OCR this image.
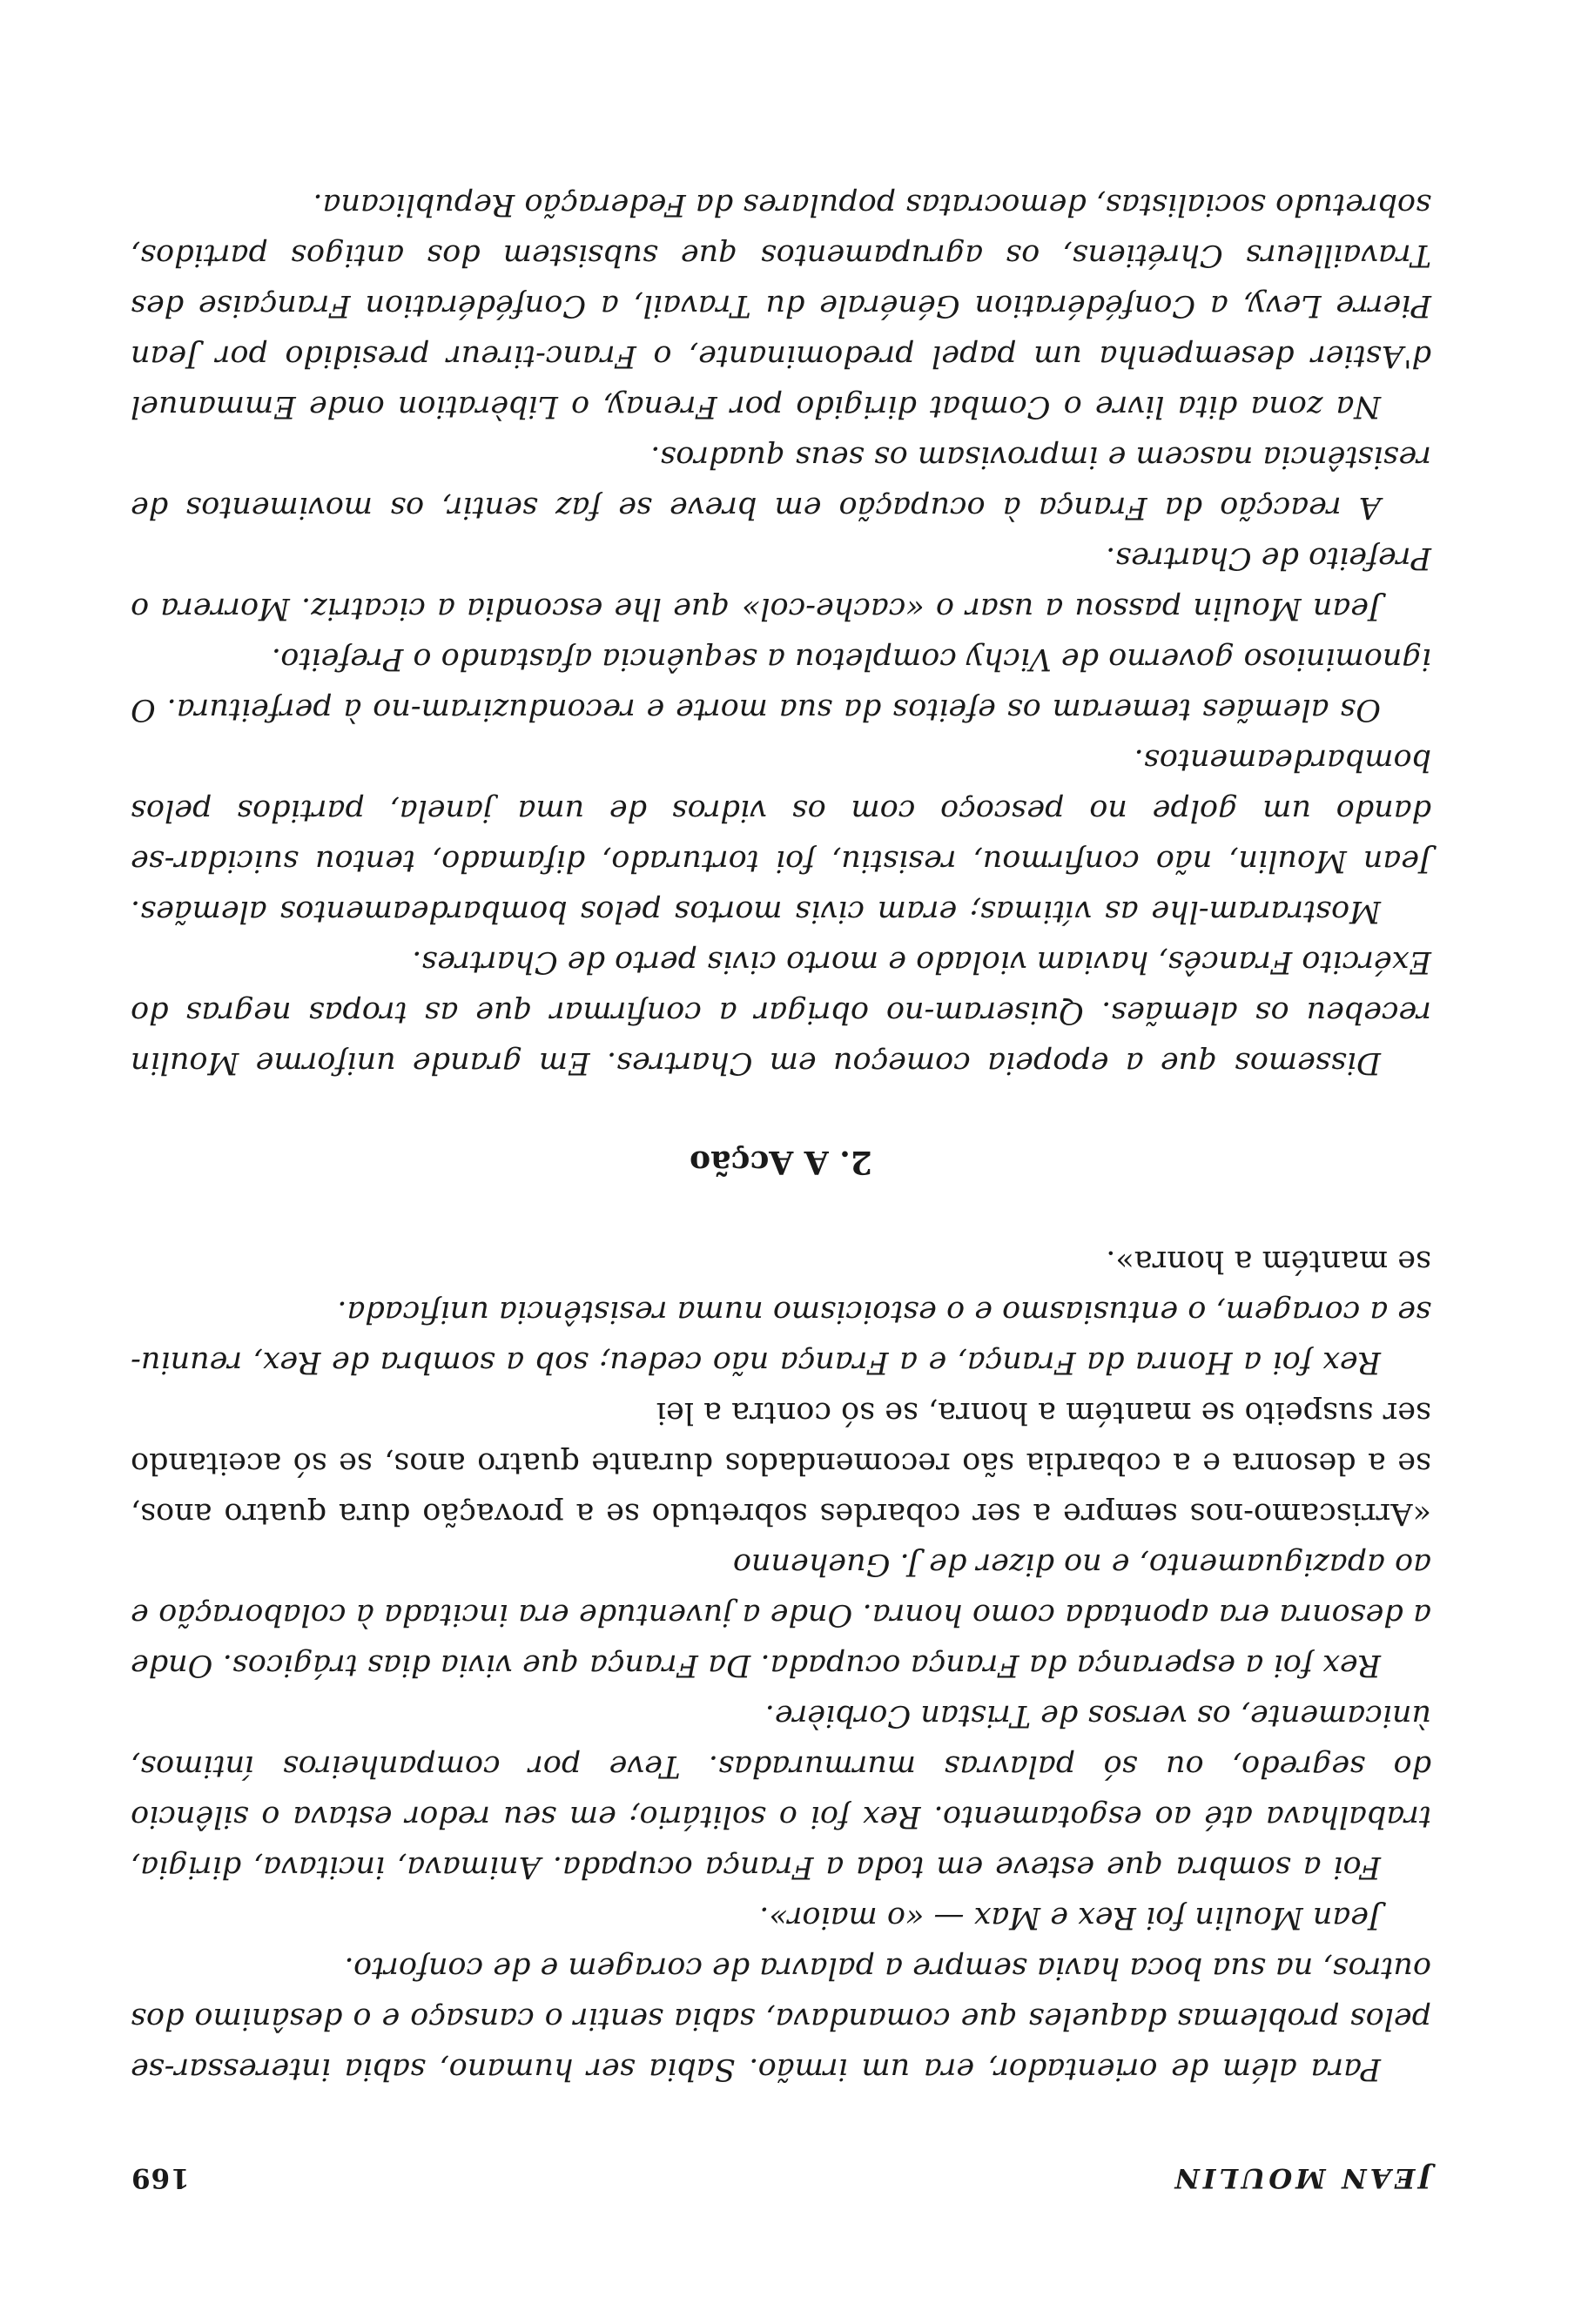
JEAN MOULIN
169

Para além de orientador, era um irmão. Sabia ser humano, sabia interessar-se pelos problemas daqueles que comandava, sabia sentir o cansaço e o desânimo dos outros, na sua boca havia sempre a palavra de coragem e de conforto.

Jean Moulin foi Rex e Max — «o maior».

Foi a sombra que esteve em toda a França ocupada. Animava, incitava, dirigia, trabalhava até ao esgotamento. Rex foi o solitário; em seu redor estava o silêncio do segredo, ou só palavras murmuradas. Teve por companheiros íntimos, ùnicamente, os versos de Tristan Corbière.

Rex foi a esperança da França ocupada. Da França que vivia dias trágicos. Onde a desonra era apontada como honra. Onde a juventude era incitada à colaboração e ao apaziguamento, e no dizer de J. Guehenno

«Arriscamo-nos sempre a ser cobardes sobretudo se a provação dura quatro anos, se a desonra e a cobardia são recomendados durante quatro anos, se só aceitando ser suspeito se mantém a honra, se só contra a lei

Rex foi a Honra da França, e a França não cedeu; sob a sombra de Rex, reuniu-se a coragem, o entusiasmo e o estoicismo numa resistência unificada.

se mantém a honra».

2. A Acção

Dissemos que a epopeia começou em Chartres. Em grande uniforme Moulin recebeu os alemães. Quiseram-no obrigar a confirmar que as tropas negras do Exército Francês, haviam violado e morto civis perto de Chartres.

Mostraram-lhe as vítimas; eram civis mortos pelos bombardeamentos alemães. Jean Moulin, não confirmou, resistiu, foi torturado, difamado, tentou suicidar-se dando um golpe no pescoço com os vidros de uma janela, partidos pelos bombardeamentos.

Os alemães temeram os efeitos da sua morte e reconduziram-no à perfeitura. O ignominioso governo de Vichy completou a sequência afastando o Prefeito.

Jean Moulin passou a usar o «cache-col» que lhe escondia a cicatriz. Morrera o Prefeito de Chartres.

A reacção da França à ocupação em breve se faz sentir, os movimentos de resistência nascem e improvisam os seus quadros.

Na zona dita livre o Combat dirigido por Frenay, o Libèration onde Emmanuel d'Astier desempenha um papel predominante, o Franc-tireur presidido por Jean Pierre Levy, a Confédération Générale du Travail, a Confédération Française des Travailleurs Chrétiens, os agrupamentos que subsistem dos antigos partidos, sobretudo socialistas, democratas populares da Federação Republicana.
